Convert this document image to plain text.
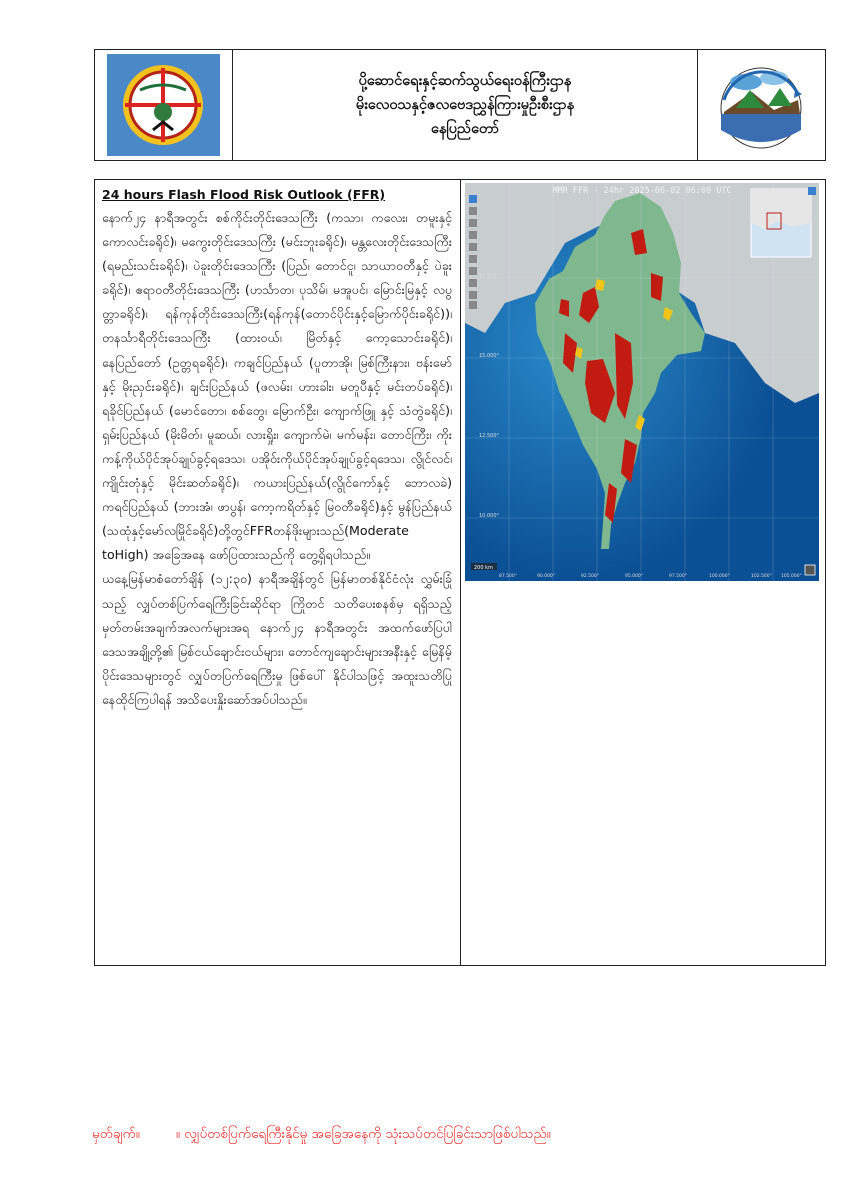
ပို့ဆောင်ရေးနှင့်ဆက်သွယ်ရေးဝန်ကြီးဌာန
မိုးလေဝသနှင့်ဇလဗေဒညွှန်ကြားမှုဦးစီးဌာန
နေပြည်တော်
24 hours Flash Flood Risk Outlook (FFR)

နောက်၂၄ နာရီအတွင်း စစ်ကိုင်းတိုင်းဒေသကြီး (ကသာ၊ ကလေး၊ တမူးနှင့် ကောလင်းခရိုင်)၊ မကွေးတိုင်းဒေသကြီး (မင်းဘူးခရိုင်)၊ မန္တလေးတိုင်းဒေသကြီး (ရမည်းသင်းခရိုင်)၊ ပဲခူးတိုင်းဒေသကြီး (ပြည်၊ တောင်ငူ၊ သာယာဝတီနှင့် ပဲခူးခရိုင်)၊ ဧရာဝတီတိုင်းဒေသကြီး (ဟင်္သာတ၊ ပုသိမ်၊ မအူပင်၊ မြောင်းမြနှင့် လပွတ္တာခရိုင်)၊ ရန်ကုန်တိုင်းဒေသကြီး(ရန်ကုန်(တောင်ပိုင်းနှင့်မြောက်ပိုင်းခရိုင်))၊ တနင်္သာရီတိုင်းဒေသကြီး (ထားဝယ်၊ မြိတ်နှင့် ကော့သောင်းခရိုင်)၊ နေပြည်တော် (ဥတ္တရခရိုင်)၊ ကချင်ပြည်နယ် (ပူတာအို၊ မြစ်ကြီးနား၊ ဗန်းမော်နှင့် မိုးညှင်းခရိုင်)၊ ချင်းပြည်နယ် (ဖလမ်း၊ ဟားခါး၊ မတူပီနှင့် မင်းတပ်ခရိုင်)၊ ရခိုင်ပြည်နယ် (မောင်တော၊ စစ်တွေ၊ မြောက်ဦး၊ ကျောက်ဖြူ နှင့် သံတွဲခရိုင်)၊ ရှမ်းပြည်နယ် (မိုးမိတ်၊ မူဆယ်၊ လားရှိုး၊ ကျောက်မဲ၊ မက်မန်း၊ တောင်ကြီး၊ ကိုးကန့်ကိုယ်ပိုင်အုပ်ချုပ်ခွင့်ရဒေသ၊ ပအိုဝ်းကိုယ်ပိုင်အုပ်ချုပ်ခွင့်ရဒေသ၊ လွိုင်လင်၊ ကျိုင်းတုံနှင့် မိုင်းဆတ်ခရိုင်)၊ ကယားပြည်နယ်(လွိုင်ကော်နှင့် ဘောလခဲ) ကရင်ပြည်နယ် (ဘားအံ၊ ဖာပွန်၊ ကော့ကရိတ်နှင့် မြဝတီခရိုင်)နှင့် မွန်ပြည်နယ် (သထုံနှင့်မော်လမြိုင်ခရိုင်)တို့တွင်FFRတန်ဖိုးများသည်(Moderate toHigh) အခြေအနေ ဖော်ပြထားသည်ကို တွေ့ရှိရပါသည်။

ယနေ့မြန်မာစံတော်ချိန် (၁၂:၃၀) နာရီအချိန်တွင် မြန်မာတစ်နိုင်ငံလုံး လွှမ်းခြုံသည့် လျှပ်တစ်ပြက်ရေကြီးခြင်းဆိုင်ရာ ကြိုတင် သတိပေးစနစ်မှ ရရှိသည့် မှတ်တမ်းအချက်အလက်များအရ နောက်၂၄ နာရီအတွင်း အထက်ဖော်ပြပါ ဒေသအချို့တို့၏ မြစ်ငယ်ချောင်းငယ်များ၊ တောင်ကျချောင်းများအနီးနှင့် မြေနိမ့်ပိုင်းဒေသများတွင် လျှပ်တပြက်ရေကြီးမှု ဖြစ်ပေါ် နိုင်ပါသဖြင့် အထူးသတိပြု နေထိုင်ကြပါရန် အသိပေးနှိုးဆော်အပ်ပါသည်။

200 km
17.500°
15.000°
12.500°
10.000°
87.500°	90.000°	92.500°	95.000°	97.500°	100.000°	102.500° 105.000°
MMR FFR - 24hr 2025-06-02 06:00 UTC
မှတ်ချက်။	။ လျှပ်တစ်ပြက်ရေကြီးနိုင်မှု အခြေအနေကို သုံးသပ်တင်ပြခြင်းသာဖြစ်ပါသည်။
